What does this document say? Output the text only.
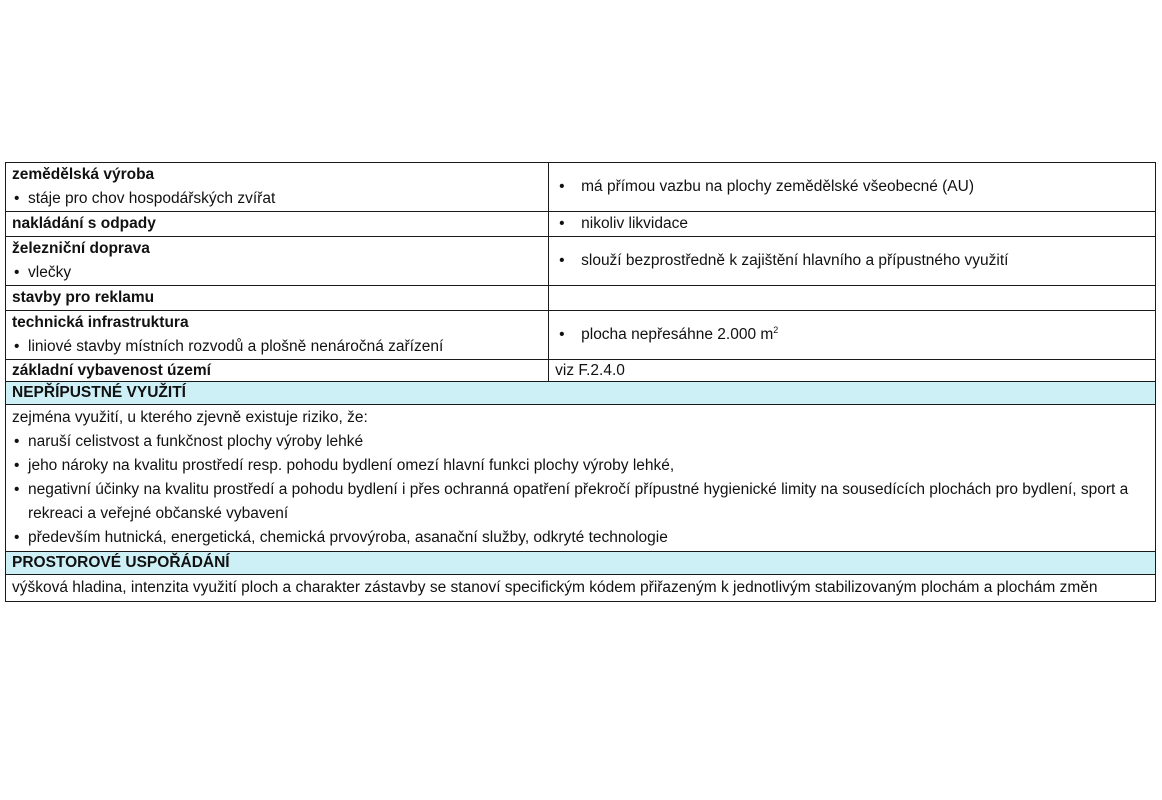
zemědělská výroba
• stáje pro chov hospodářských zvířat	• má přímou vazbu na plochy zemědělské všeobecné (AU)

nakládání s odpady	• nikoliv likvidace

železniční doprava
• vlečky	• slouží bezprostředně k zajištění hlavního a přípustného využití

stavby pro reklamu	

technická infrastruktura
• liniové stavby místních rozvodů a plošně nenáročná zařízení	• plocha nepřesáhne 2.000 $m^2$

základní vybavenost území	viz F.2.4.0
NEPŘÍPUSTNÉ VYUŽITÍ	

zejména využití, u kterého zjevně existuje riziko, že:
• naruší celistvost a funkčnost plochy výroby lehké
• jeho nároky na kvalitu prostředí resp. pohodu bydlení omezí hlavní funkci plochy výroby lehké,
• negativní účinky na kvalitu prostředí a pohodu bydlení i přes ochranná opatření překročí přípustné hygienické limity na sousedících plochách pro bydlení, sport a rekreaci a veřejné občanské vybavení
• především hutnická, energetická, chemická prvovýroba, asanační služby, odkryté technologie

PROSTOROVÉ USPOŘÁDÁNÍ	
výšková hladina, intenzita využití ploch a charakter zástavby se stanoví specifickým kódem přiřazeným k jednotlivým stabilizovaným plochám a plochám změn	
